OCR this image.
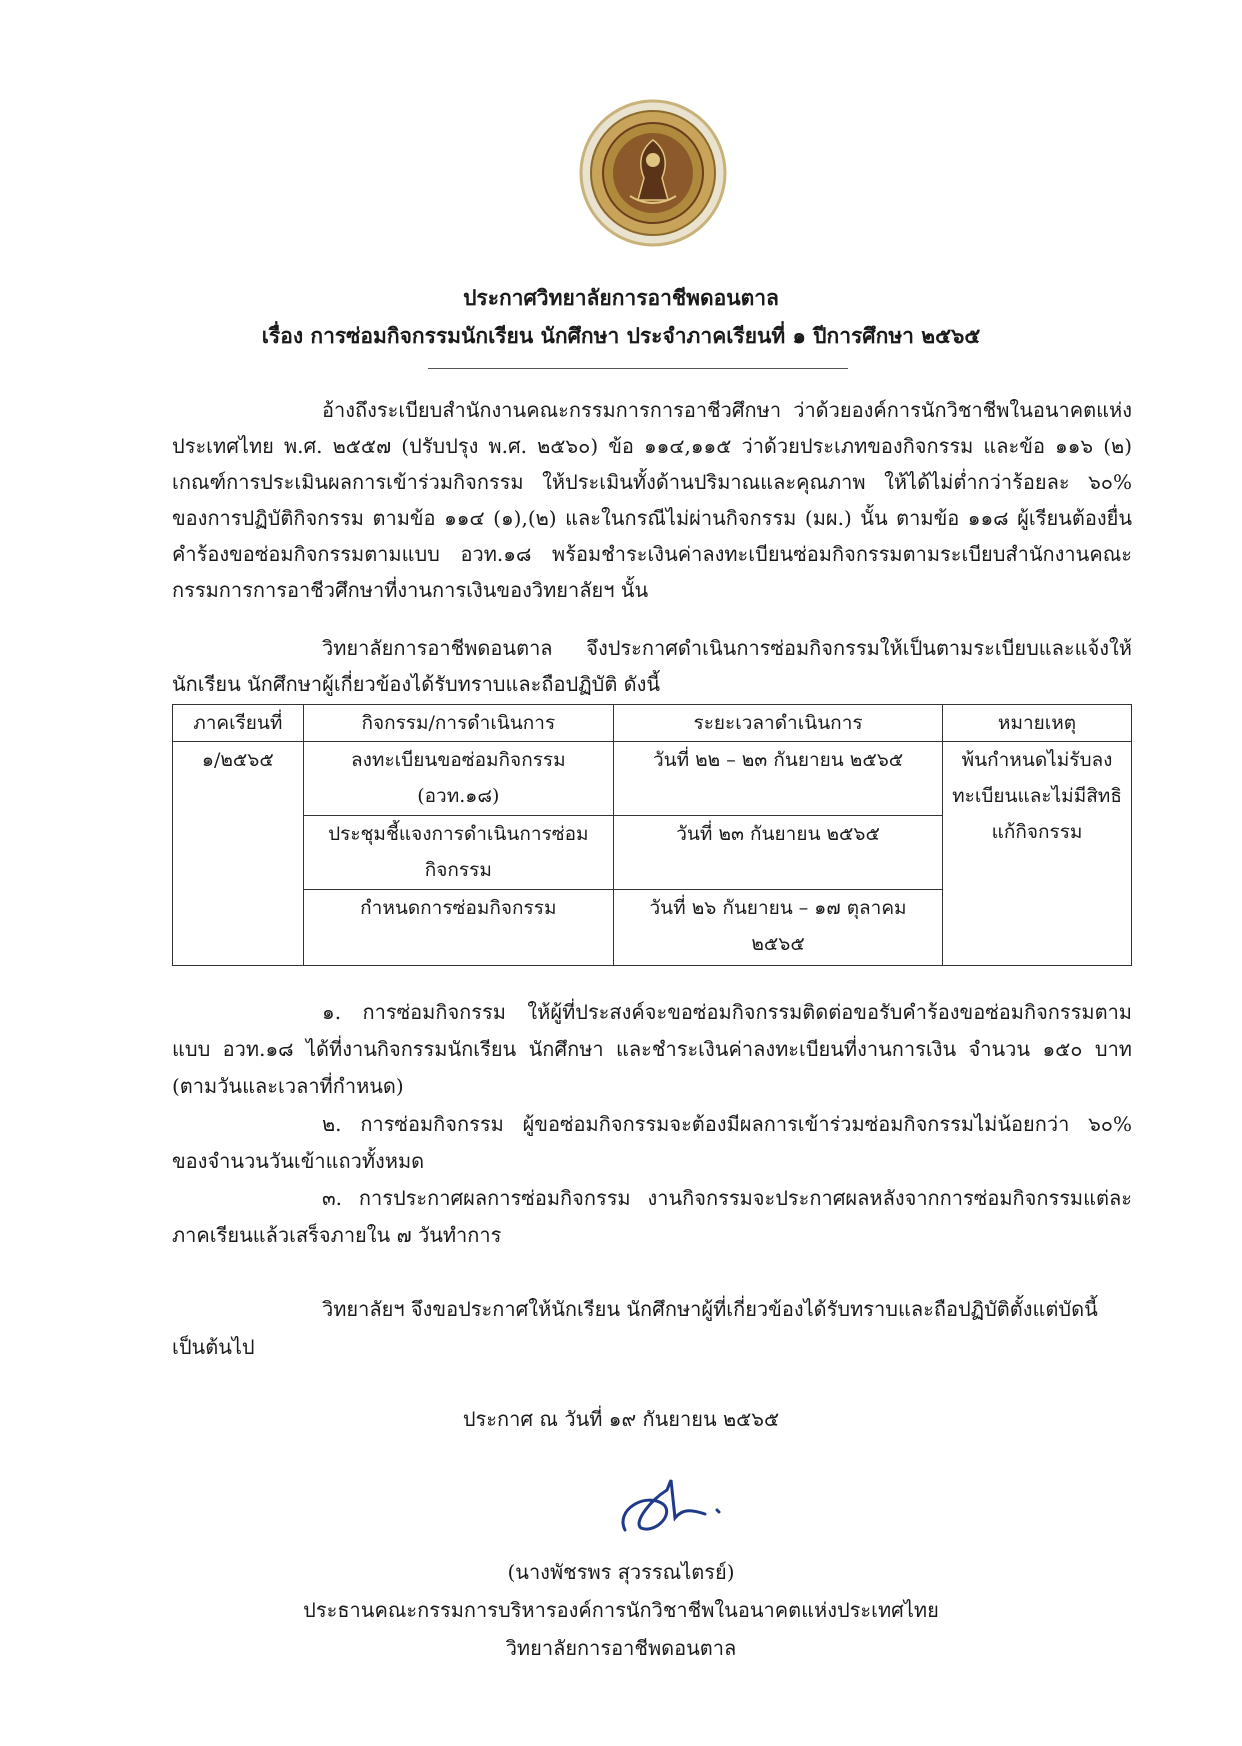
ประกาศวิทยาลัยการอาชีพดอนตาล
เรื่อง การซ่อมกิจกรรมนักเรียน นักศึกษา ประจำภาคเรียนที่ ๑ ปีการศึกษา ๒๕๖๕
อ้างถึงระเบียบสำนักงานคณะกรรมการการอาชีวศึกษา ว่าด้วยองค์การนักวิชาชีพในอนาคตแห่งประเทศไทย พ.ศ. ๒๕๕๗ (ปรับปรุง พ.ศ. ๒๕๖๐) ข้อ ๑๑๔,๑๑๕ ว่าด้วยประเภทของกิจกรรม และข้อ ๑๑๖ (๒) เกณฑ์การประเมินผลการเข้าร่วมกิจกรรม ให้ประเมินทั้งด้านปริมาณและคุณภาพ ให้ได้ไม่ต่ำกว่าร้อยละ ๖๐% ของการปฏิบัติกิจกรรม ตามข้อ ๑๑๔ (๑),(๒) และในกรณีไม่ผ่านกิจกรรม (มผ.) นั้น ตามข้อ ๑๑๘ ผู้เรียนต้องยื่นคำร้องขอซ่อมกิจกรรมตามแบบ อวท.๑๘ พร้อมชำระเงินค่าลงทะเบียนซ่อมกิจกรรมตามระเบียบสำนักงานคณะกรรมการการอาชีวศึกษาที่งานการเงินของวิทยาลัยฯ นั้น
วิทยาลัยการอาชีพดอนตาล จึงประกาศดำเนินการซ่อมกิจกรรมให้เป็นตามระเบียบและแจ้งให้นักเรียน นักศึกษาผู้เกี่ยวข้องได้รับทราบและถือปฏิบัติ ดังนี้
ภาคเรียนที่	กิจกรรม/การดำเนินการ	ระยะเวลาดำเนินการ	หมายเหตุ
๑/๒๕๖๕	ลงทะเบียนขอซ่อมกิจกรรม (อวท.๑๘)	วันที่ ๒๒ – ๒๓ กันยายน ๒๕๖๕	พ้นกำหนดไม่รับลงทะเบียนและไม่มีสิทธิแก้กิจกรรม
	ประชุมชี้แจงการดำเนินการซ่อมกิจกรรม	วันที่ ๒๓ กันยายน ๒๕๖๕	
	กำหนดการซ่อมกิจกรรม	วันที่ ๒๖ กันยายน – ๑๗ ตุลาคม ๒๕๖๕	
๑. การซ่อมกิจกรรม ให้ผู้ที่ประสงค์จะขอซ่อมกิจกรรมติดต่อขอรับคำร้องขอซ่อมกิจกรรมตามแบบ อวท.๑๘ ได้ที่งานกิจกรรมนักเรียน นักศึกษา และชำระเงินค่าลงทะเบียนที่งานการเงิน จำนวน ๑๕๐ บาท (ตามวันและเวลาที่กำหนด)
๒. การซ่อมกิจกรรม ผู้ขอซ่อมกิจกรรมจะต้องมีผลการเข้าร่วมซ่อมกิจกรรมไม่น้อยกว่า ๖๐% ของจำนวนวันเข้าแถวทั้งหมด
๓. การประกาศผลการซ่อมกิจกรรม งานกิจกรรมจะประกาศผลหลังจากการซ่อมกิจกรรมแต่ละภาคเรียนแล้วเสร็จภายใน ๗ วันทำการ
วิทยาลัยฯ จึงขอประกาศให้นักเรียน นักศึกษาผู้ที่เกี่ยวข้องได้รับทราบและถือปฏิบัติตั้งแต่บัดนี้เป็นต้นไป
ประกาศ ณ วันที่ ๑๙ กันยายน ๒๕๖๕
(นางพัชรพร สุวรรณไตรย์)
ประธานคณะกรรมการบริหารองค์การนักวิชาชีพในอนาคตแห่งประเทศไทย
วิทยาลัยการอาชีพดอนตาล
